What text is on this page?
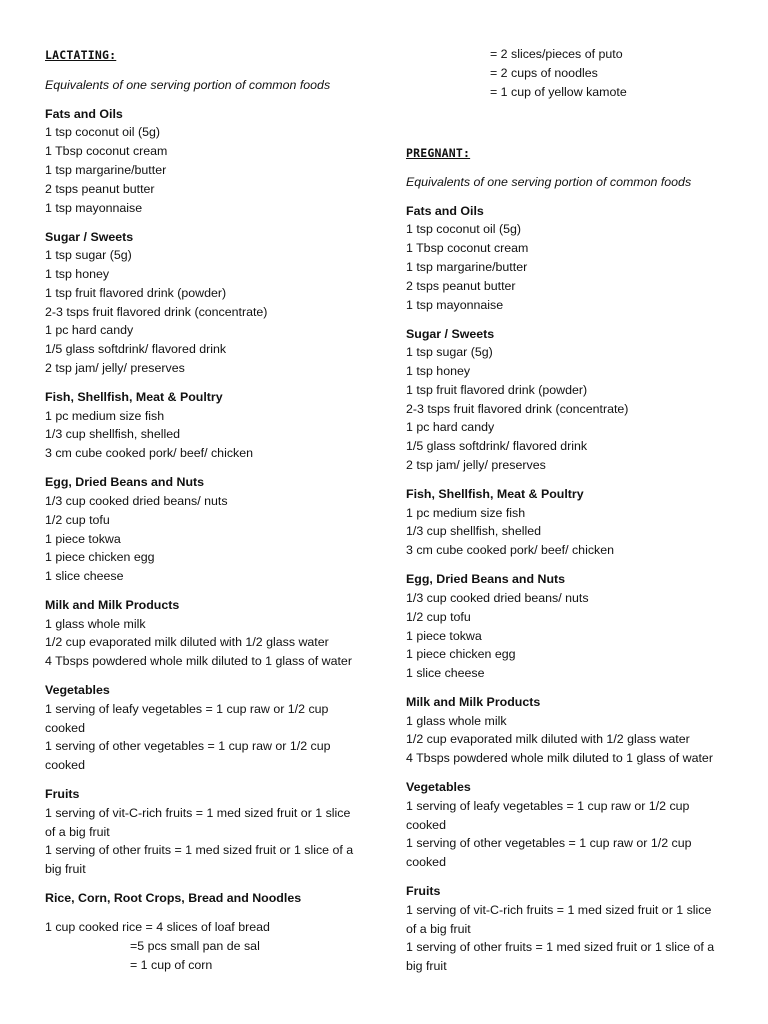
LACTATING:
Equivalents of one serving portion of common foods
Fats and Oils
1 tsp coconut oil (5g)
1 Tbsp coconut cream
1 tsp margarine/butter
2 tsps peanut butter
1 tsp mayonnaise
Sugar / Sweets
1 tsp sugar (5g)
1 tsp honey
1 tsp fruit flavored drink (powder)
2-3 tsps fruit flavored drink (concentrate)
1 pc hard candy
1/5 glass softdrink/ flavored drink
2 tsp jam/ jelly/ preserves
Fish, Shellfish, Meat & Poultry
1 pc medium size fish
1/3 cup shellfish, shelled
3 cm cube cooked pork/ beef/ chicken
Egg, Dried Beans and Nuts
1/3 cup cooked dried beans/ nuts
1/2 cup tofu
1 piece tokwa
1 piece chicken egg
1 slice cheese
Milk and Milk Products
1 glass whole milk
1/2 cup evaporated milk diluted with 1/2 glass water
4 Tbsps powdered whole milk diluted to 1 glass of water
Vegetables
1 serving of leafy vegetables = 1 cup raw or 1/2 cup
cooked
1 serving of other vegetables = 1 cup raw or 1/2 cup
cooked
Fruits
1 serving of vit-C-rich fruits = 1 med sized fruit or 1 slice
of a big fruit
1 serving of other fruits = 1 med sized fruit or 1 slice of a
big fruit
Rice, Corn, Root Crops, Bread and Noodles
1 cup cooked rice = 4 slices of loaf bread
=5 pcs small pan de sal
= 1 cup of corn
= 2 slices/pieces of puto
= 2 cups of noodles
= 1 cup of yellow kamote
PREGNANT:
Equivalents of one serving portion of common foods
Fats and Oils
1 tsp coconut oil (5g)
1 Tbsp coconut cream
1 tsp margarine/butter
2 tsps peanut butter
1 tsp mayonnaise
Sugar / Sweets
1 tsp sugar (5g)
1 tsp honey
1 tsp fruit flavored drink (powder)
2-3 tsps fruit flavored drink (concentrate)
1 pc hard candy
1/5 glass softdrink/ flavored drink
2 tsp jam/ jelly/ preserves
Fish, Shellfish, Meat & Poultry
1 pc medium size fish
1/3 cup shellfish, shelled
3 cm cube cooked pork/ beef/ chicken
Egg, Dried Beans and Nuts
1/3 cup cooked dried beans/ nuts
1/2 cup tofu
1 piece tokwa
1 piece chicken egg
1 slice cheese
Milk and Milk Products
1 glass whole milk
1/2 cup evaporated milk diluted with 1/2 glass water
4 Tbsps powdered whole milk diluted to 1 glass of water
Vegetables
1 serving of leafy vegetables = 1 cup raw or 1/2 cup
cooked
1 serving of other vegetables = 1 cup raw or 1/2 cup
cooked
Fruits
1 serving of vit-C-rich fruits = 1 med sized fruit or 1 slice
of a big fruit
1 serving of other fruits = 1 med sized fruit or 1 slice of a
big fruit
